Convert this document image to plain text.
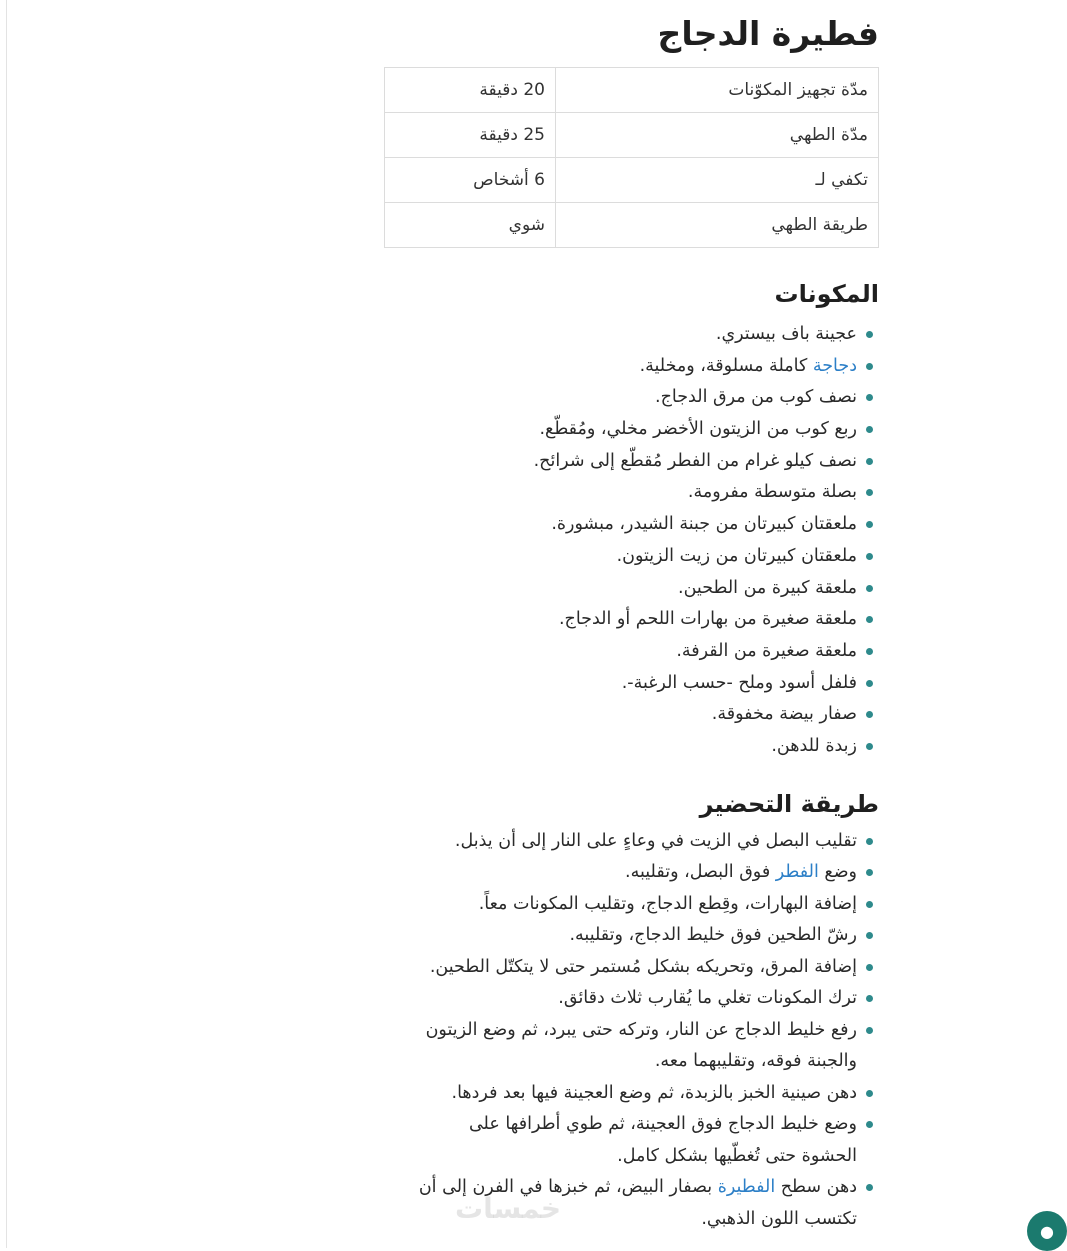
فطيرة الدجاج
مدّة تجهيز المكوّنات	20 دقيقة
مدّة الطهي	25 دقيقة
تكفي لـ	6 أشخاص
طريقة الطهي	شوي
المكونات
عجينة باف بيستري.
دجاجة كاملة مسلوقة، ومخلية.
نصف كوب من مرق الدجاج.
ربع كوب من الزيتون الأخضر مخلي، ومُقطّع.
نصف كيلو غرام من الفطر مُقطّع إلى شرائح.
بصلة متوسطة مفرومة.
ملعقتان كبيرتان من جبنة الشيدر، مبشورة.
ملعقتان كبيرتان من زيت الزيتون.
ملعقة كبيرة من الطحين.
ملعقة صغيرة من بهارات اللحم أو الدجاج.
ملعقة صغيرة من القرفة.
فلفل أسود وملح -حسب الرغبة-.
صفار بيضة مخفوقة.
زبدة للدهن.
طريقة التحضير
تقليب البصل في الزيت في وعاءٍ على النار إلى أن يذبل.
وضع الفطر فوق البصل، وتقليبه.
إضافة البهارات، وقِطع الدجاج، وتقليب المكونات معاً.
رشّ الطحين فوق خليط الدجاج، وتقليبه.
إضافة المرق، وتحريكه بشكل مُستمر حتى لا يتكتّل الطحين.
ترك المكونات تغلي ما يُقارب ثلاث دقائق.
رفع خليط الدجاج عن النار، وتركه حتى يبرد، ثم وضع الزيتون والجبنة فوقه، وتقليبهما معه.
دهن صينية الخبز بالزبدة، ثم وضع العجينة فيها بعد فردها.
وضع خليط الدجاج فوق العجينة، ثم طوي أطرافها على الحشوة حتى تُغطّيها بشكل كامل.
دهن سطح الفطيرة بصفار البيض، ثم خبزها في الفرن إلى أن تكتسب اللون الذهبي.
خمسات
●
